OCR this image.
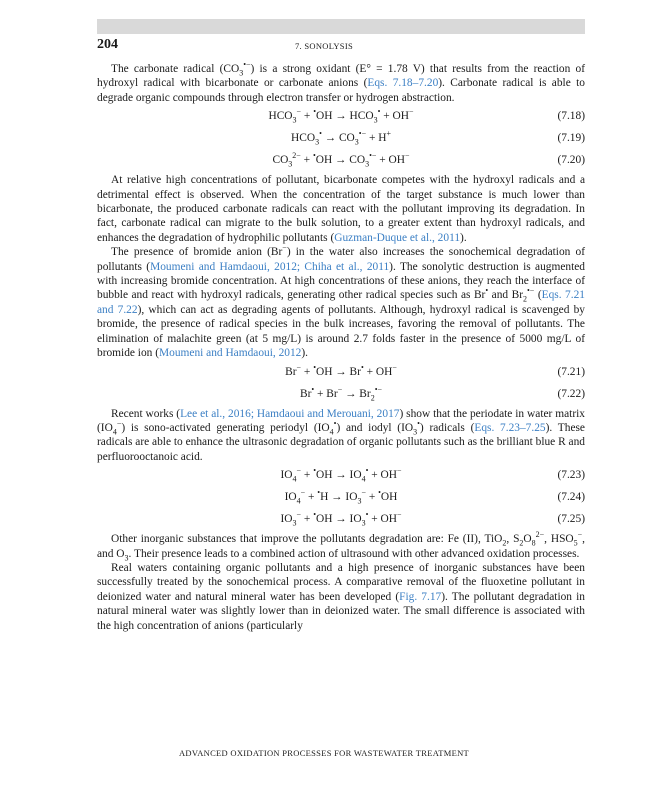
204	7. SONOLYSIS

The carbonate radical $(CO_3^{•-})$ is a strong oxidant (E° = 1.78 V) that results from the reaction of hydroxyl radical with bicarbonate or carbonate anions (Eqs. 7.18–7.20). Carbonate radical is able to degrade organic compounds through electron transfer or hydrogen abstraction.

$HCO_3^- + ^•OH \to HCO_3^• + OH^-$	(7.18)
$HCO_3^• \to CO_3^{•-} + H^+$	(7.19)
$CO_3^{2-} + ^•OH \to CO_3^{•-} + OH^-$	(7.20)

At relative high concentrations of pollutant, bicarbonate competes with the hydroxyl radicals and a detrimental effect is observed. When the concentration of the target substance is much lower than bicarbonate, the produced carbonate radicals can react with the pollutant improving its degradation. In fact, carbonate radical can migrate to the bulk solution, to a greater extent than hydroxyl radicals, and enhances the degradation of hydrophilic pollutants (Guzman-Duque et al., 2011).

The presence of bromide anion (Br−) in the water also increases the sonochemical degradation of pollutants (Moumeni and Hamdaoui, 2012; Chiha et al., 2011). The sonolytic destruction is augmented with increasing bromide concentration. At high concentrations of these anions, they reach the interface of bubble and react with hydroxyl radicals, generating other radical species such as Br• and $Br_2^{•-}$ (Eqs. 7.21 and 7.22), which can act as degrading agents of pollutants. Although, hydroxyl radical is scavenged by bromide, the presence of radical species in the bulk increases, favoring the removal of pollutants. The elimination of malachite green (at 5 mg/L) is around 2.7 folds faster in the presence of 5000 mg/L of bromide ion (Moumeni and Hamdaoui, 2012).

Br− + •OH → Br• + OH−	(7.21)
$Br^• + Br^- \to Br_2^{•-}$	(7.22)

Recent works (Lee et al., 2016; Hamdaoui and Merouani, 2017) show that the periodate in water matrix $(IO_4^-)$ is sono-activated generating periodyl $(IO_4^•)$ and iodyl $(IO_3^•)$ radicals (Eqs. 7.23–7.25). These radicals are able to enhance the ultrasonic degradation of organic pollutants such as the brilliant blue R and perfluorooctanoic acid.

$IO_4^- + ^•OH \to IO_4^• + OH^-$	(7.23)
$IO_4^- + ^•H \to IO_3^- + ^•OH$	(7.24)
$IO_3^- + ^•OH \to IO_3^• + OH^-$	(7.25)

Other inorganic substances that improve the pollutants degradation are: Fe (II), TiO$_2$, $S_2O_8^{2-}$, $HSO_5^-$, and $O_3$. Their presence leads to a combined action of ultrasound with other advanced oxidation processes.

Real waters containing organic pollutants and a high presence of inorganic substances have been successfully treated by the sonochemical process. A comparative removal of the fluoxetine pollutant in deionized water and natural mineral water has been developed (Fig. 7.17). The pollutant degradation in natural mineral water was slightly lower than in deionized water. The small difference is associated with the high concentration of anions (particularly

ADVANCED OXIDATION PROCESSES FOR WASTEWATER TREATMENT
